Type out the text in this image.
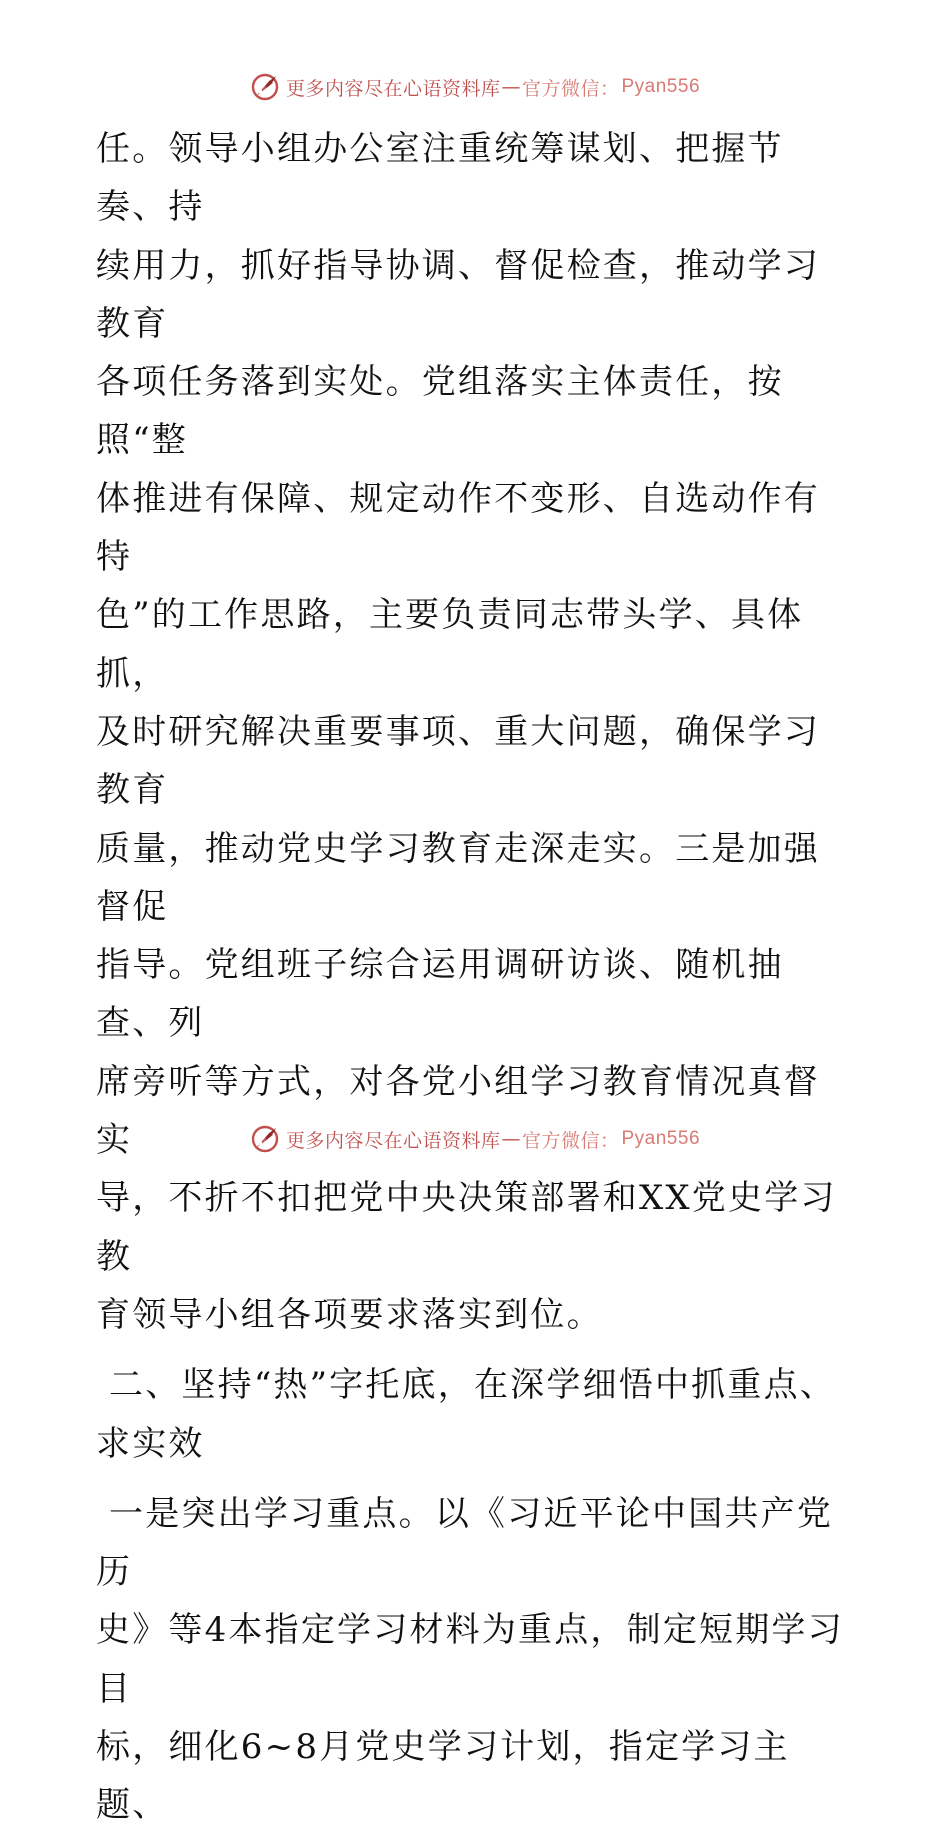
更多内容尽在心语资料库 — 官方微信： Pyan556

任。领导小组办公室注重统筹谋划、把握节奏、持
续用力，抓好指导协调、督促检查，推动学习教育
各项任务落到实处。党组落实主体责任，按照“整
体推进有保障、规定动作不变形、自选动作有特
色”的工作思路，主要负责同志带头学、具体抓，
及时研究解决重要事项、重大问题，确保学习教育
质量，推动党史学习教育走深走实。三是加强督促
指导。党组班子综合运用调研访谈、随机抽查、列
席旁听等方式，对各党小组学习教育情况真督实
导，不折不扣把党中央决策部署和XX党史学习教
育领导小组各项要求落实到位。

二、坚持“热”字托底，在深学细悟中抓重点、
求实效

一是突出学习重点。以《习近平论中国共产党历
史》等4本指定学习材料为重点，制定短期学习目
标，细化6~8月党史学习计划，指定学习主题、

更多内容尽在心语资料库 — 官方微信： Pyan556
